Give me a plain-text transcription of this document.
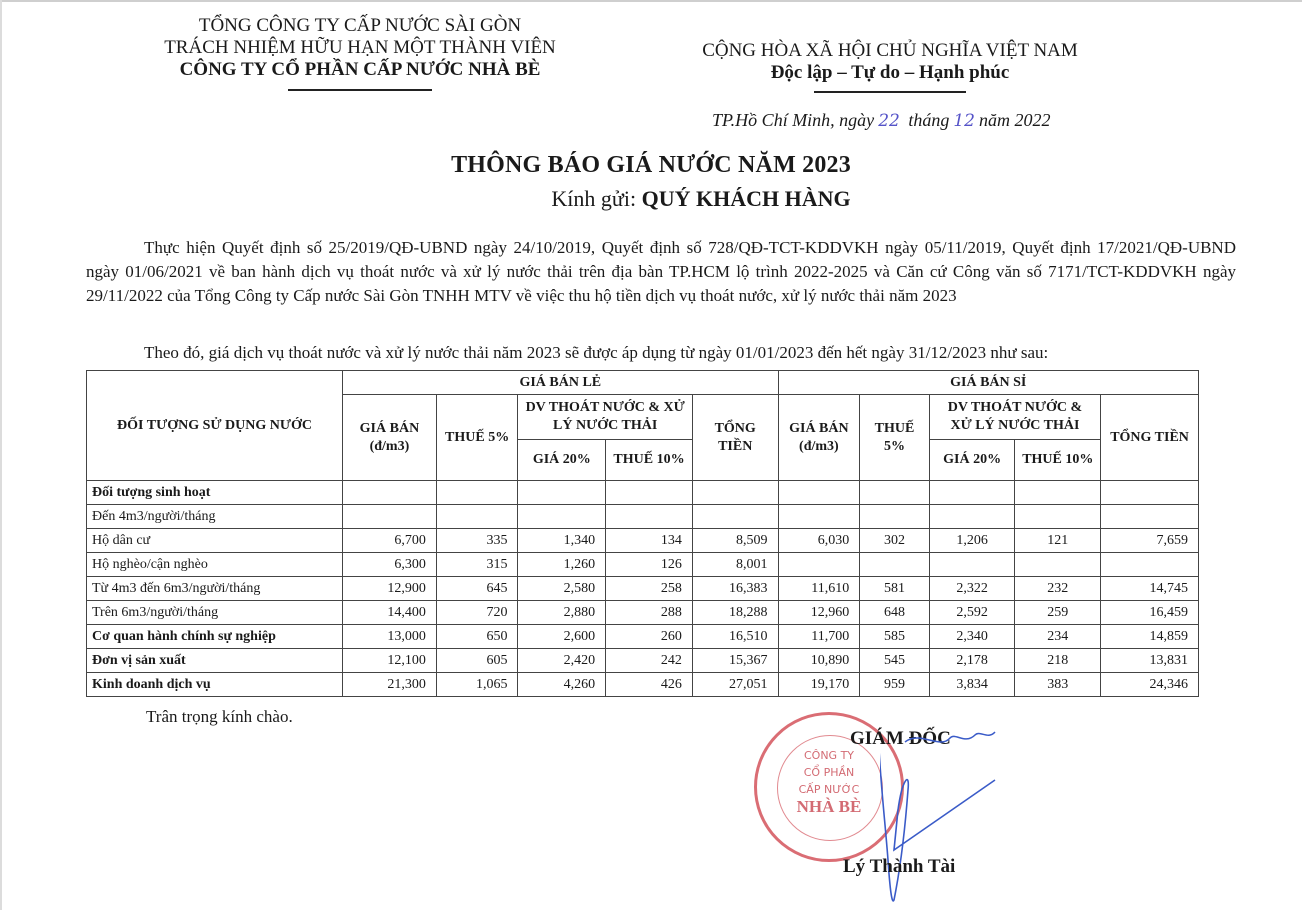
TỔNG CÔNG TY CẤP NƯỚC SÀI GÒN
TRÁCH NHIỆM HỮU HẠN MỘT THÀNH VIÊN
CÔNG TY CỔ PHẦN CẤP NƯỚC NHÀ BÈ
CỘNG HÒA XÃ HỘI CHỦ NGHĨA VIỆT NAM
Độc lập – Tự do – Hạnh phúc
TP.Hồ Chí Minh, ngày 22 tháng 12 năm 2022
THÔNG BÁO GIÁ NƯỚC NĂM 2023
Kính gửi: QUÝ KHÁCH HÀNG
Thực hiện Quyết định số 25/2019/QĐ-UBND ngày 24/10/2019, Quyết định số 728/QĐ-TCT-KDDVKH ngày 05/11/2019, Quyết định 17/2021/QĐ-UBND ngày 01/06/2021 về ban hành dịch vụ thoát nước và xử lý nước thải trên địa bàn TP.HCM lộ trình 2022-2025 và Căn cứ Công văn số 7171/TCT-KDDVKH ngày 29/11/2022 của Tổng Công ty Cấp nước Sài Gòn TNHH MTV về việc thu hộ tiền dịch vụ thoát nước, xử lý nước thải năm 2023
Theo đó, giá dịch vụ thoát nước và xử lý nước thải năm 2023 sẽ được áp dụng từ ngày 01/01/2023 đến hết ngày 31/12/2023 như sau:
ĐỐI TƯỢNG SỬ DỤNG NƯỚC	GIÁ BÁN LẺ					GIÁ BÁN SỈ				
	GIÁ BÁN (đ/m3)	THUẾ 5%	DV THOÁT NƯỚC & XỬ LÝ NƯỚC THẢI		TỔNG TIỀN	GIÁ BÁN (đ/m3)	THUẾ 5%	DV THOÁT NƯỚC & XỬ LÝ NƯỚC THẢI		TỔNG TIỀN
			GIÁ 20%	THUẾ 10%				GIÁ 20%	THUẾ 10%	
Đối tượng sinh hoạt										
Đến 4m3/người/tháng										
Hộ dân cư	6,700	335	1,340	134	8,509	6,030	302	1,206	121	7,659
Hộ nghèo/cận nghèo	6,300	315	1,260	126	8,001					
Từ 4m3 đến 6m3/người/tháng	12,900	645	2,580	258	16,383	11,610	581	2,322	232	14,745
Trên 6m3/người/tháng	14,400	720	2,880	288	18,288	12,960	648	2,592	259	16,459
Cơ quan hành chính sự nghiệp	13,000	650	2,600	260	16,510	11,700	585	2,340	234	14,859
Đơn vị sản xuất	12,100	605	2,420	242	15,367	10,890	545	2,178	218	13,831
Kinh doanh dịch vụ	21,300	1,065	4,260	426	27,051	19,170	959	3,834	383	24,346
Trân trọng kính chào.
CÔNG TY
CỔ PHẦN
CẤP NƯỚC
NHÀ BÈ
GIÁM ĐỐC
Lý Thành Tài
